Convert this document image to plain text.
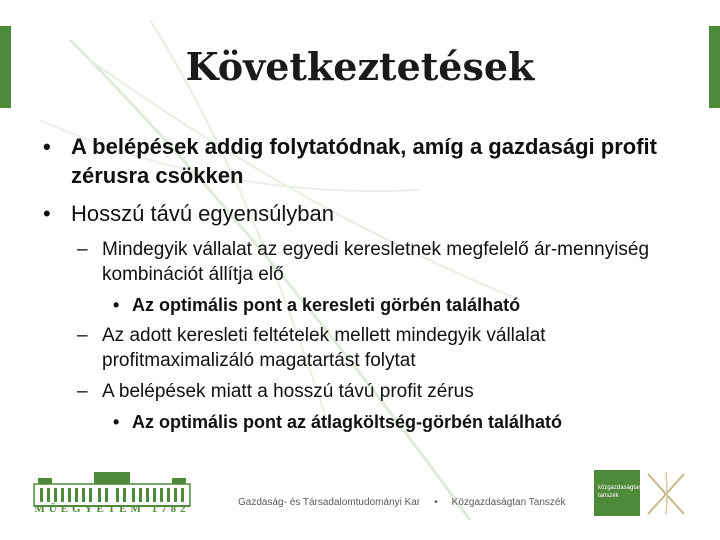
Következtetések
• A belépések addig folytatódnak, amíg a gazdasági profit zérusra csökken
• Hosszú távú egyensúlyban
– Mindegyik vállalat az egyedi keresletnek megfelelő ár-mennyiség kombinációt állítja elő
• Az optimális pont a keresleti görbén található
– Az adott keresleti feltételek mellett mindegyik vállalat profitmaximalizáló magatartást folytat
– A belépések miatt a hosszú távú profit zérus
• Az optimális pont az átlagköltség-görbén található
MŰEGYETEM 1782
Gazdaság- és Társadalomtudományi Kar • Közgazdaságtan Tanszék
közgazdaságtan
tanszék
